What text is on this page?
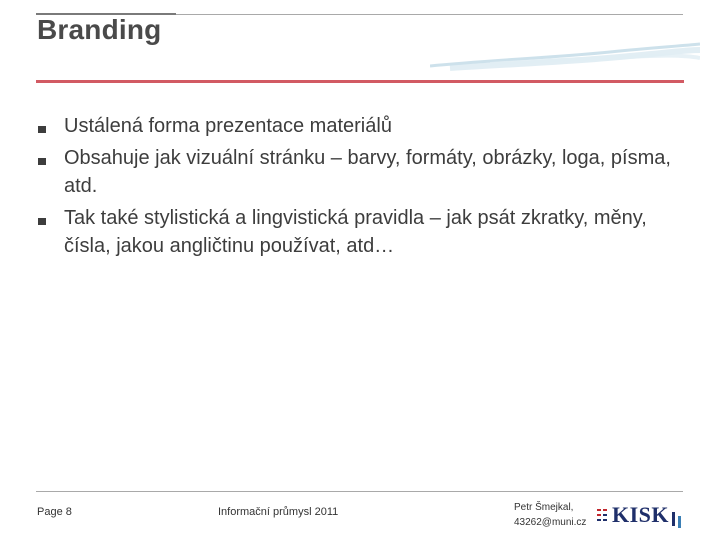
Branding
Ustálená forma prezentace materiálů
Obsahuje jak vizuální stránku – barvy, formáty, obrázky, loga, písma, atd.
Tak také stylistická a lingvistická pravidla – jak psát zkratky, měny, čísla, jakou angličtinu používat, atd…
Page 8	Informační průmysl 2011	Petr Šmejkal,
43262@muni.cz KISK
